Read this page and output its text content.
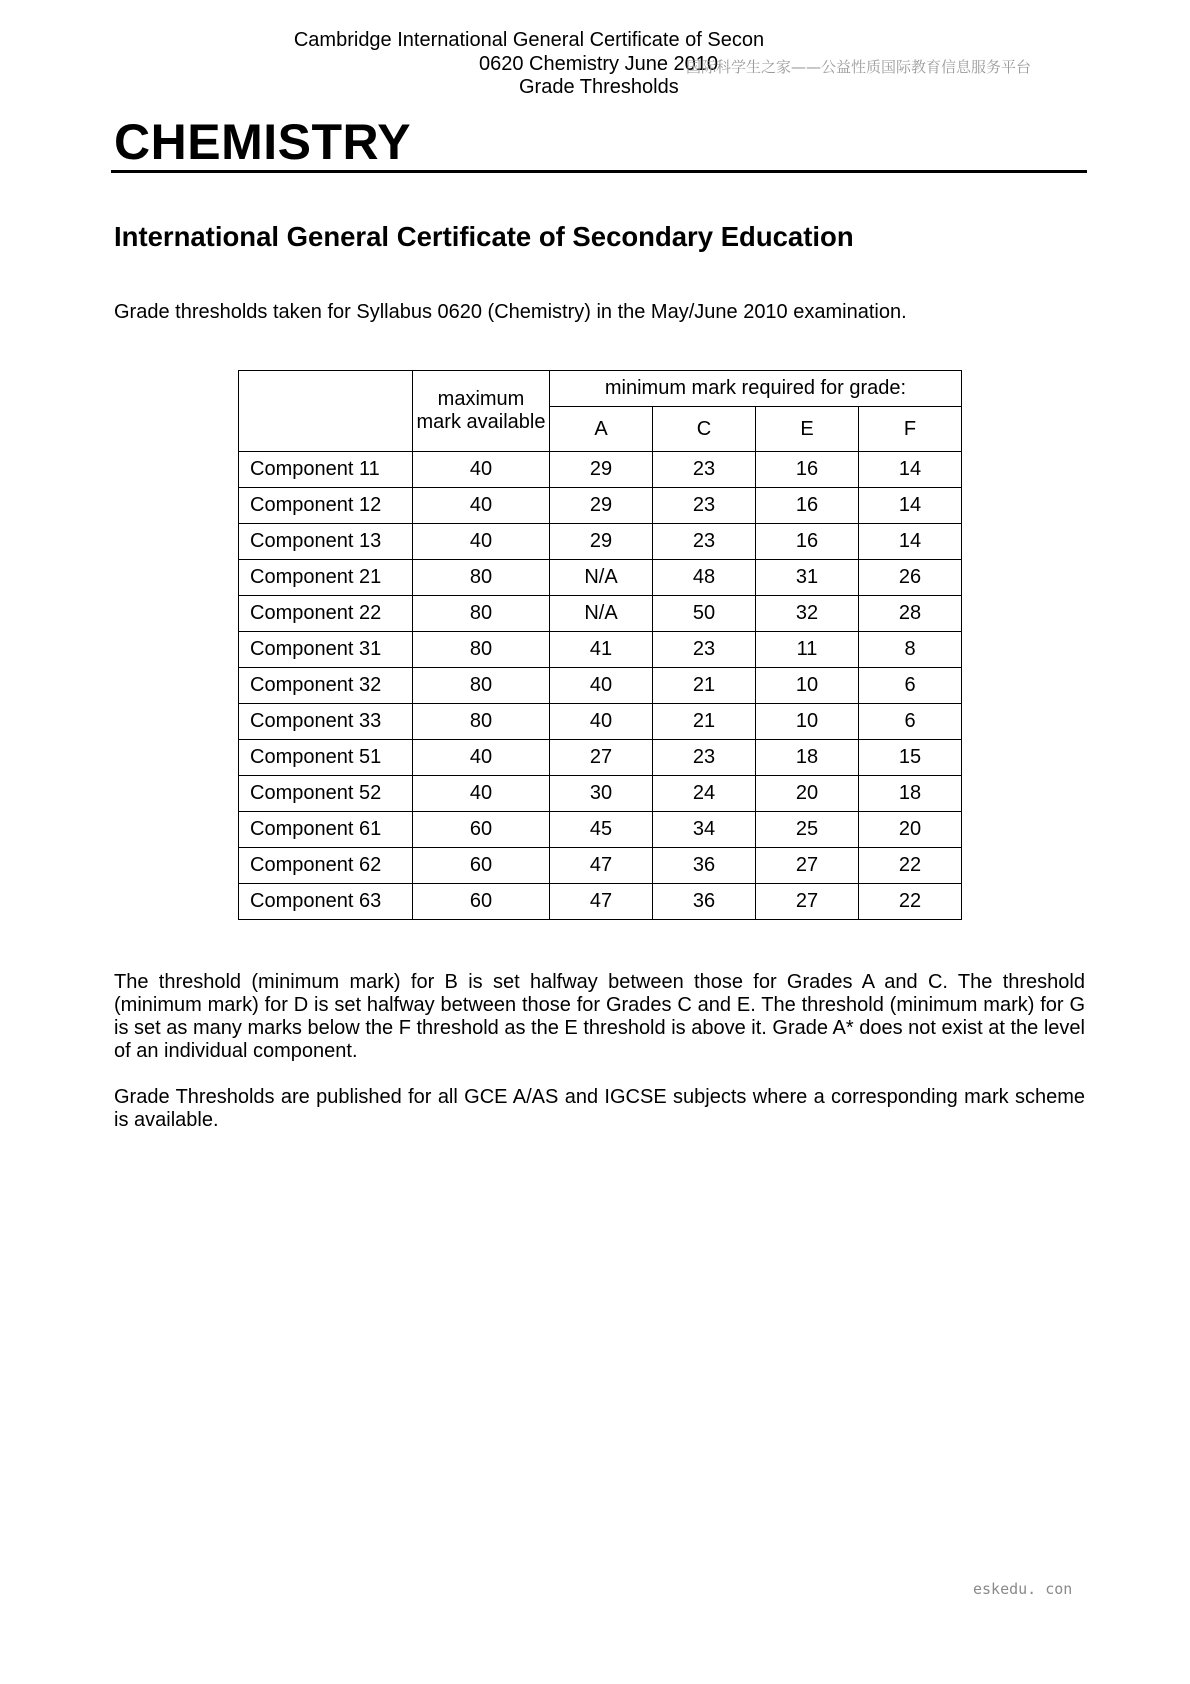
Cambridge International General Certificate of Secon
0620 Chemistry June 2010
Grade Thresholds
国际科学生之家——公益性质国际教育信息服务平台
CHEMISTRY
International General Certificate of Secondary Education
Grade thresholds taken for Syllabus 0620 (Chemistry) in the May/June 2010 examination.
	maximum mark available	minimum mark required for grade:			
		A	C	E	F
Component 11	40	29	23	16	14
Component 12	40	29	23	16	14
Component 13	40	29	23	16	14
Component 21	80	N/A	48	31	26
Component 22	80	N/A	50	32	28
Component 31	80	41	23	11	8
Component 32	80	40	21	10	6
Component 33	80	40	21	10	6
Component 51	40	27	23	18	15
Component 52	40	30	24	20	18
Component 61	60	45	34	25	20
Component 62	60	47	36	27	22
Component 63	60	47	36	27	22
The threshold (minimum mark) for B is set halfway between those for Grades A and C. The threshold (minimum mark) for D is set halfway between those for Grades C and E. The threshold (minimum mark) for G is set as many marks below the F threshold as the E threshold is above it. Grade A* does not exist at the level of an individual component.
Grade Thresholds are published for all GCE A/AS and IGCSE subjects where a corresponding mark scheme is available.
eskedu. con
